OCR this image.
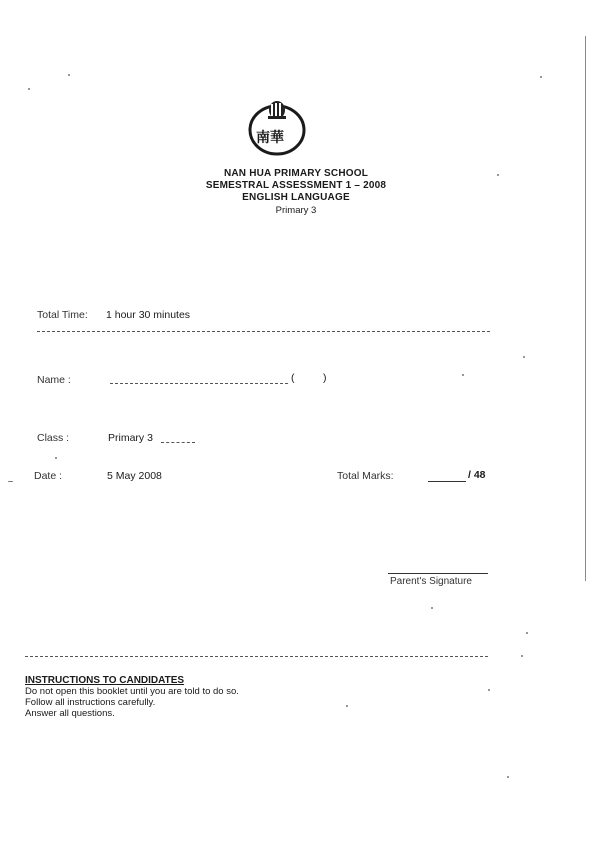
南華
NAN HUA PRIMARY SCHOOL
SEMESTRAL ASSESSMENT 1 – 2008
ENGLISH LANGUAGE
Primary 3
Total Time: 1 hour 30 minutes
Name :	(	)
Class :	Primary 3
Date :	5 May 2008	Total Marks:	/ 48
Parent's Signature
INSTRUCTIONS TO CANDIDATES
Do not open this booklet until you are told to do so.
Follow all instructions carefully.
Answer all questions.
